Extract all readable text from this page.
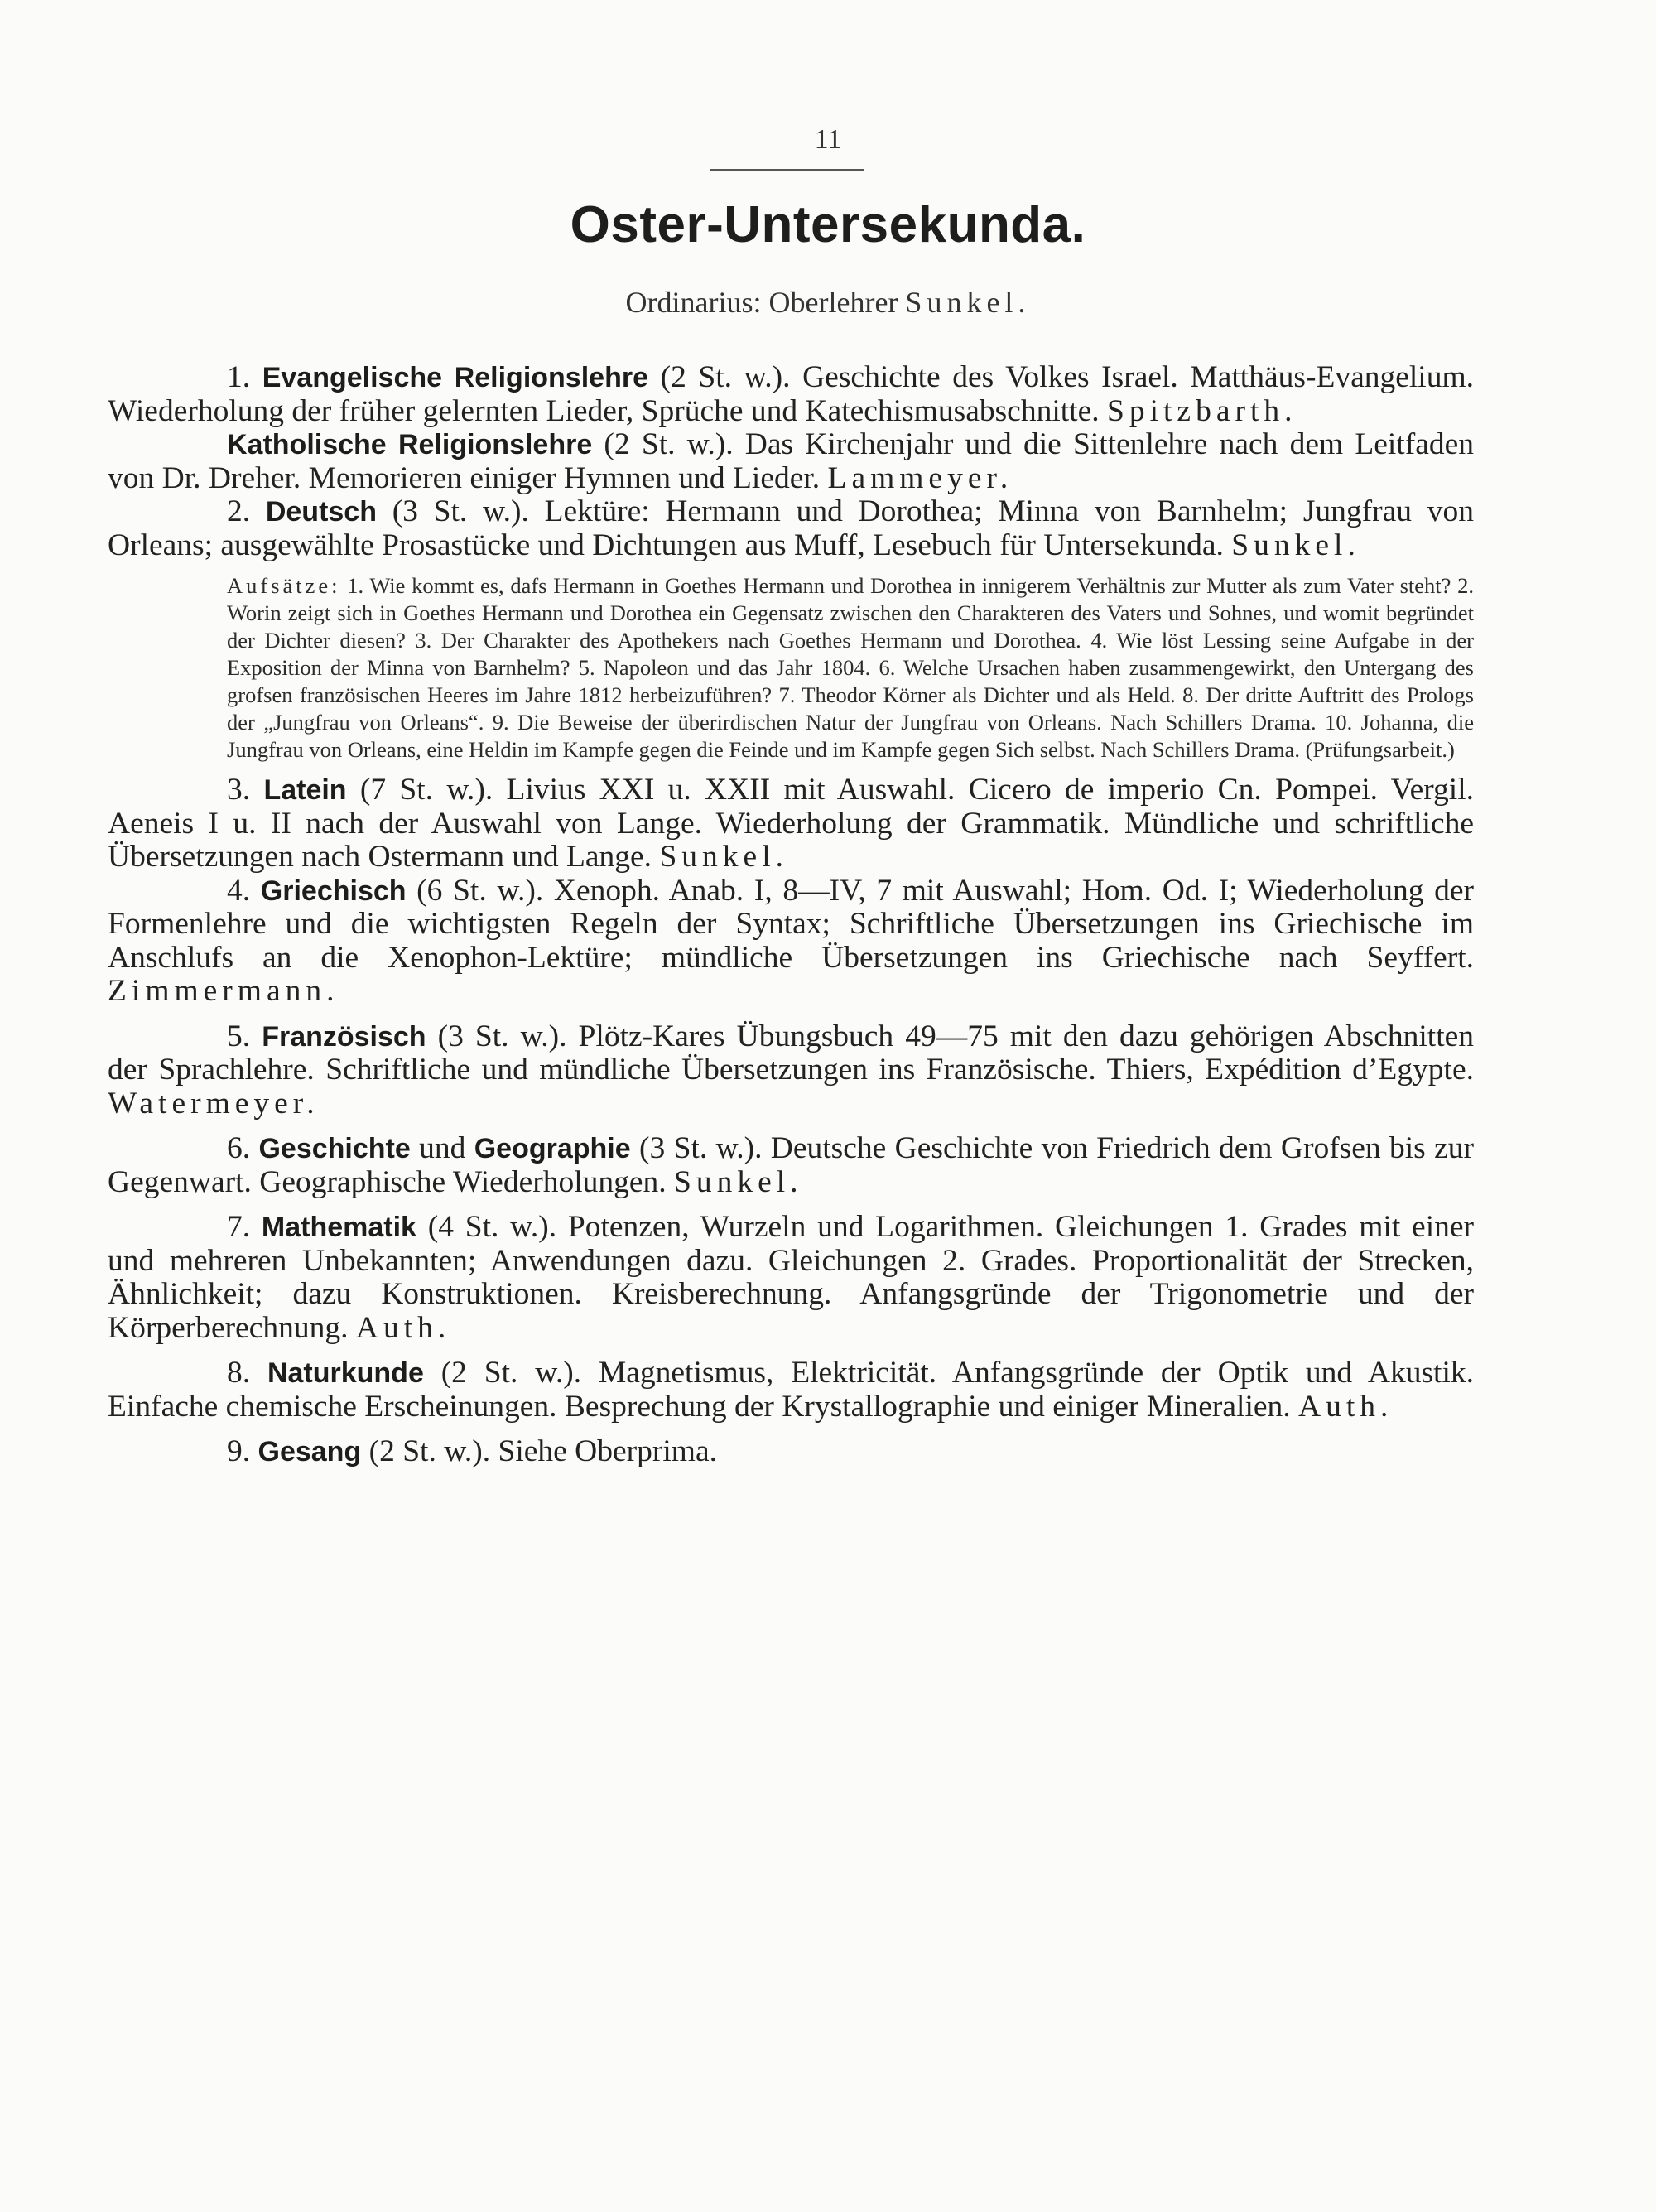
11
Oster-Untersekunda.
Ordinarius: Oberlehrer Sunkel.

1. Evangelische Religionslehre (2 St. w.). Geschichte des Volkes Israel. Matthäus-Evangelium. Wiederholung der früher gelernten Lieder, Sprüche und Katechismusabschnitte. Spitzbarth.

Katholische Religionslehre (2 St. w.). Das Kirchenjahr und die Sittenlehre nach dem Leitfaden von Dr. Dreher. Memorieren einiger Hymnen und Lieder. Lammeyer.

2. Deutsch (3 St. w.). Lektüre: Hermann und Dorothea; Minna von Barnhelm; Jungfrau von Orleans; ausgewählte Prosastücke und Dichtungen aus Muff, Lesebuch für Untersekunda. Sunkel.

Aufsätze: 1. Wie kommt es, dafs Hermann in Goethes Hermann und Dorothea in innigerem Verhältnis zur Mutter als zum Vater steht? 2. Worin zeigt sich in Goethes Hermann und Dorothea ein Gegensatz zwischen den Charakteren des Vaters und Sohnes, und womit begründet der Dichter diesen? 3. Der Charakter des Apothekers nach Goethes Hermann und Dorothea. 4. Wie löst Lessing seine Aufgabe in der Exposition der Minna von Barnhelm? 5. Napoleon und das Jahr 1804. 6. Welche Ursachen haben zusammengewirkt, den Untergang des grofsen französischen Heeres im Jahre 1812 herbeizuführen? 7. Theodor Körner als Dichter und als Held. 8. Der dritte Auftritt des Prologs der „Jungfrau von Orleans“. 9. Die Beweise der überirdischen Natur der Jungfrau von Orleans. Nach Schillers Drama. 10. Johanna, die Jungfrau von Orleans, eine Heldin im Kampfe gegen die Feinde und im Kampfe gegen Sich selbst. Nach Schillers Drama. (Prüfungsarbeit.)

3. Latein (7 St. w.). Livius XXI u. XXII mit Auswahl. Cicero de imperio Cn. Pompei. Vergil. Aeneis I u. II nach der Auswahl von Lange. Wiederholung der Grammatik. Mündliche und schriftliche Übersetzungen nach Ostermann und Lange. Sunkel.

4. Griechisch (6 St. w.). Xenoph. Anab. I, 8—IV, 7 mit Auswahl; Hom. Od. I; Wiederholung der Formenlehre und die wichtigsten Regeln der Syntax; Schriftliche Übersetzungen ins Griechische im Anschlufs an die Xenophon-Lektüre; mündliche Übersetzungen ins Griechische nach Seyffert. Zimmermann.

5. Französisch (3 St. w.). Plötz-Kares Übungsbuch 49—75 mit den dazu gehörigen Abschnitten der Sprachlehre. Schriftliche und mündliche Übersetzungen ins Französische. Thiers, Expédition d’Egypte. Watermeyer.

6. Geschichte und Geographie (3 St. w.). Deutsche Geschichte von Friedrich dem Grofsen bis zur Gegenwart. Geographische Wiederholungen. Sunkel.

7. Mathematik (4 St. w.). Potenzen, Wurzeln und Logarithmen. Gleichungen 1. Grades mit einer und mehreren Unbekannten; Anwendungen dazu. Gleichungen 2. Grades. Proportionalität der Strecken, Ähnlichkeit; dazu Konstruktionen. Kreisberechnung. Anfangsgründe der Trigonometrie und der Körperberechnung. Auth.

8. Naturkunde (2 St. w.). Magnetismus, Elektricität. Anfangsgründe der Optik und Akustik. Einfache chemische Erscheinungen. Besprechung der Krystallographie und einiger Mineralien. Auth.

9. Gesang (2 St. w.). Siehe Oberprima.
